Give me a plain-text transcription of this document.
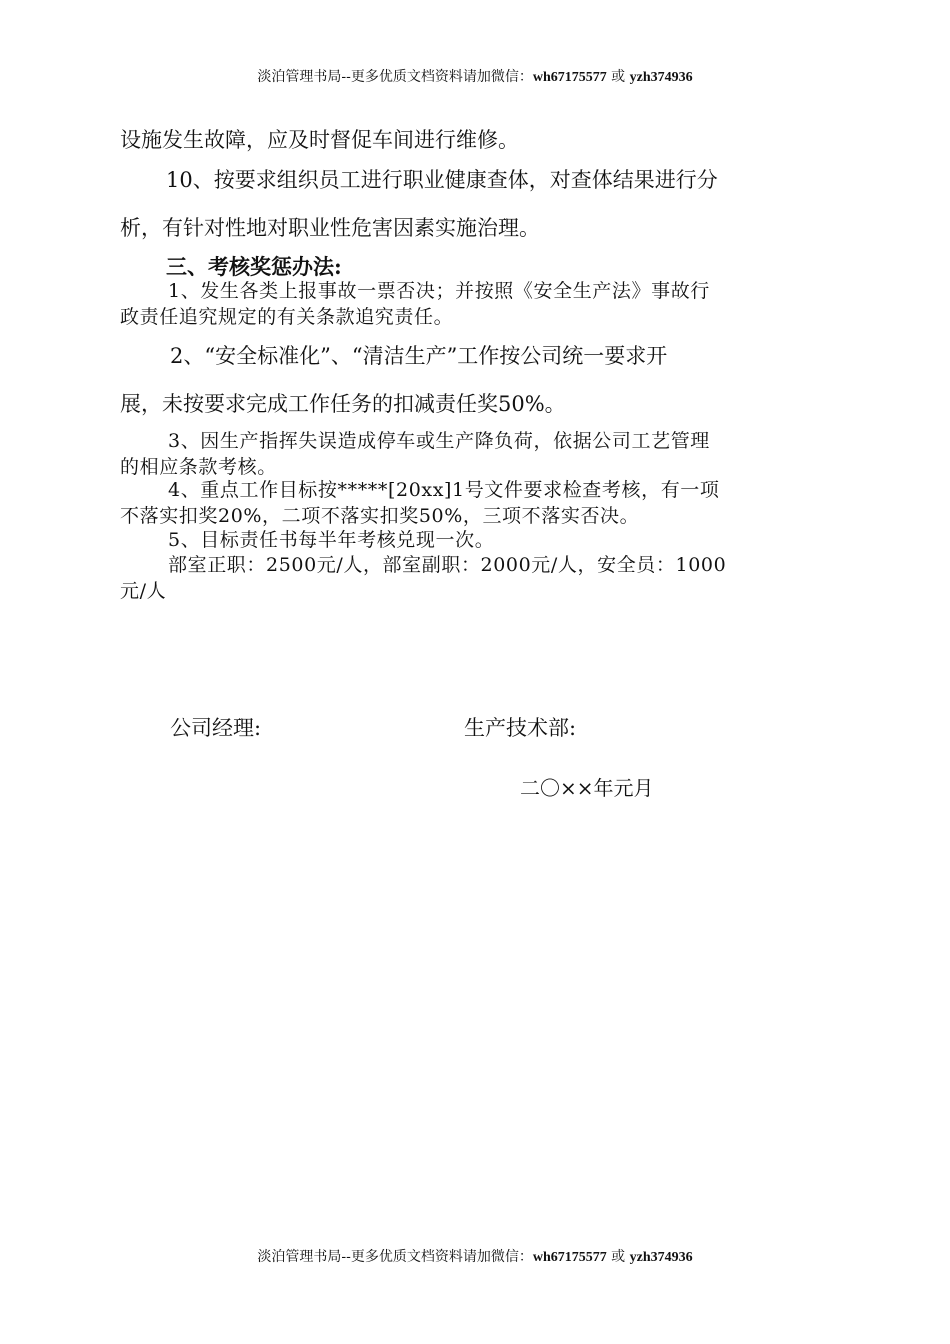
淡泊管理书局--更多优质文档资料请加微信：wh67175577 或 yzh374936
设施发生故障，应及时督促车间进行维修。
10、按要求组织员工进行职业健康查体，对查体结果进行分
析，有针对性地对职业性危害因素实施治理。
三、考核奖惩办法:
1、发生各类上报事故一票否决；并按照《安全生产法》事故行
政责任追究规定的有关条款追究责任。
2、“安全标准化”、“清洁生产”工作按公司统一要求开
展，未按要求完成工作任务的扣减责任奖50%。
3、因生产指挥失误造成停车或生产降负荷，依据公司工艺管理
的相应条款考核。
4、重点工作目标按*****[20xx]1号文件要求检查考核，有一项
不落实扣奖20%，二项不落实扣奖50%，三项不落实否决。
5、目标责任书每半年考核兑现一次。
部室正职：2500元/人，部室副职：2000元/人，安全员：1000
元/人
公司经理:	生产技术部:
二〇××年元月
淡泊管理书局--更多优质文档资料请加微信：wh67175577 或 yzh374936
